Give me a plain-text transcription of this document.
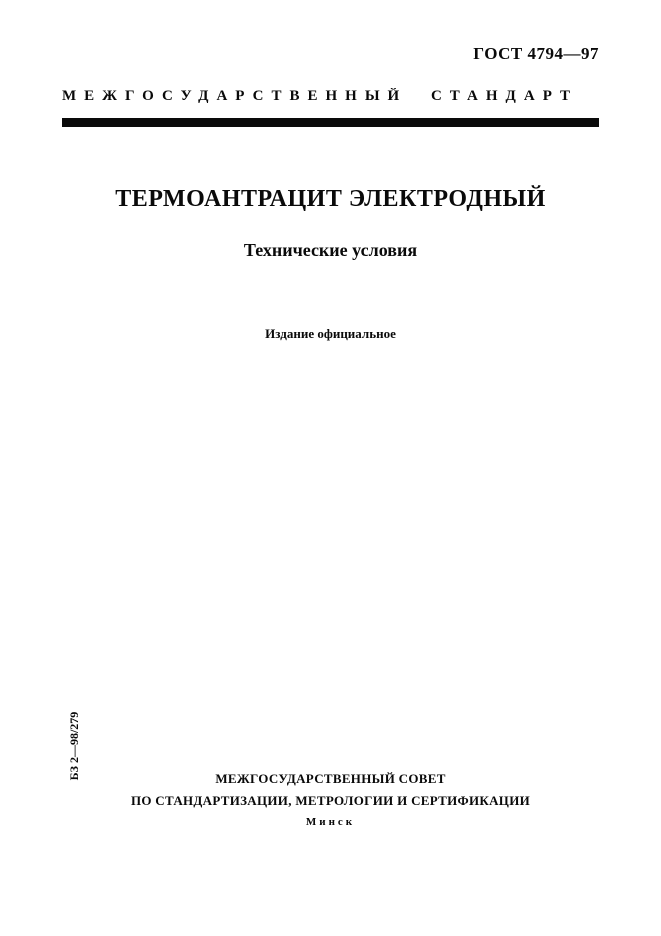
ГОСТ 4794—97
МЕЖГОСУДАРСТВЕННЫЙ СТАНДАРТ
ТЕРМОАНТРАЦИТ ЭЛЕКТРОДНЫЙ
Технические условия
Издание официальное
БЗ 2—98/279	МЕЖГОСУДАРСТВЕННЫЙ СОВЕТ
ПО СТАНДАРТИЗАЦИИ, МЕТРОЛОГИИ И СЕРТИФИКАЦИИ
Минск
